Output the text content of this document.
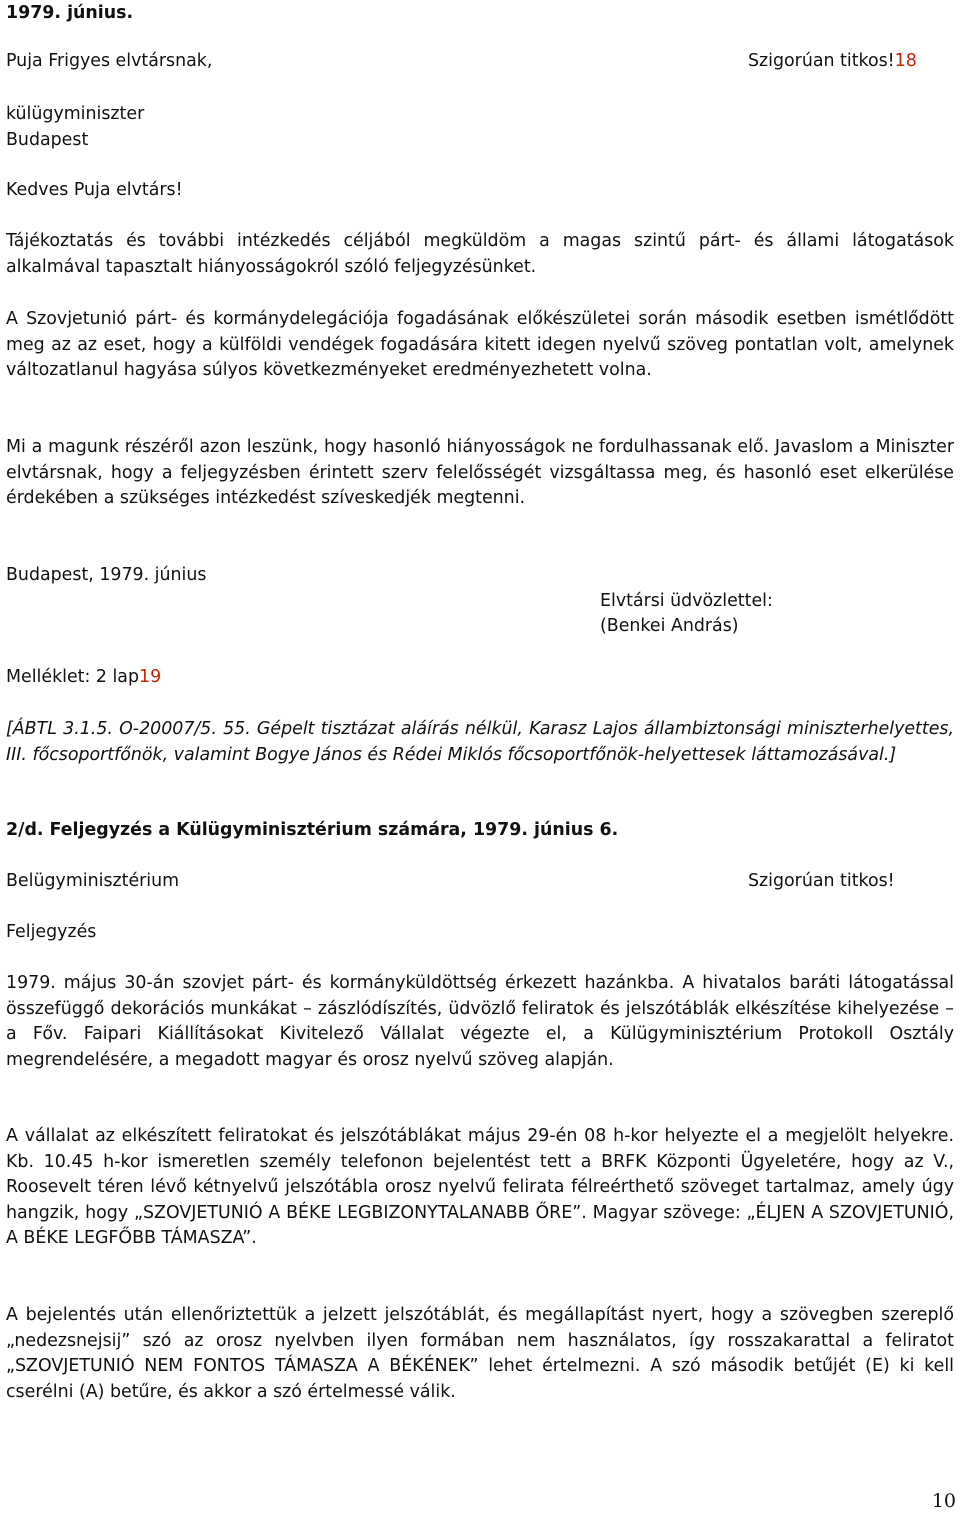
1979. június.
Puja Frigyes elvtársnak,
külügyminiszter
Budapest
Szigorúan titkos!18
Kedves Puja elvtárs!
Tájékoztatás és további intézkedés céljából megküldöm a magas szintű párt- és állami látogatások alkalmával tapasztalt hiányosságokról szóló feljegyzésünket.
A Szovjetunió párt- és kormánydelegációja fogadásának előkészületei során második esetben ismétlődött meg az az eset, hogy a külföldi vendégek fogadására kitett idegen nyelvű szöveg pontatlan volt, amelynek változatlanul hagyása súlyos következményeket eredményezhetett volna.
Mi a magunk részéről azon leszünk, hogy hasonló hiányosságok ne fordulhassanak elő. Javaslom a Miniszter elvtársnak, hogy a feljegyzésben érintett szerv felelősségét vizsgáltassa meg, és hasonló eset elkerülése érdekében a szükséges intézkedést szíveskedjék megtenni.
Budapest, 1979. június
Elvtársi üdvözlettel:
(Benkei András)
Melléklet: 2 lap19
[ÁBTL 3.1.5. O-20007/5. 55. Gépelt tisztázat aláírás nélkül, Karasz Lajos állambiztonsági miniszterhelyettes, III. főcsoportfőnök, valamint Bogye János és Rédei Miklós főcsoportfőnök-helyettesek láttamozásával.]
2/d. Feljegyzés a Külügyminisztérium számára, 1979. június 6.
Belügyminisztérium	Szigorúan titkos!
Feljegyzés
1979. május 30-án szovjet párt- és kormányküldöttség érkezett hazánkba. A hivatalos baráti látogatással összefüggő dekorációs munkákat – zászlódíszítés, üdvözlő feliratok és jelszótáblák elkészítése kihelyezése – a Főv. Faipari Kiállításokat Kivitelező Vállalat végezte el, a Külügyminisztérium Protokoll Osztály megrendelésére, a megadott magyar és orosz nyelvű szöveg alapján.
A vállalat az elkészített feliratokat és jelszótáblákat május 29-én 08 h-kor helyezte el a megjelölt helyekre. Kb. 10.45 h-kor ismeretlen személy telefonon bejelentést tett a BRFK Központi Ügyeletére, hogy az V., Roosevelt téren lévő kétnyelvű jelszótábla orosz nyelvű felirata félreérthető szöveget tartalmaz, amely úgy hangzik, hogy „SZOVJETUNIÓ A BÉKE LEGBIZONYTALANABB ŐRE”. Magyar szövege: „ÉLJEN A SZOVJETUNIÓ, A BÉKE LEGFŐBB TÁMASZA”.
A bejelentés után ellenőriztettük a jelzett jelszótáblát, és megállapítást nyert, hogy a szövegben szereplő „nedezsnejsij” szó az orosz nyelvben ilyen formában nem használatos, így rosszakarattal a feliratot „SZOVJETUNIÓ NEM FONTOS TÁMASZA A BÉKÉNEK” lehet értelmezni. A szó második betűjét (E) ki kell cserélni (A) betűre, és akkor a szó értelmessé válik.
10
